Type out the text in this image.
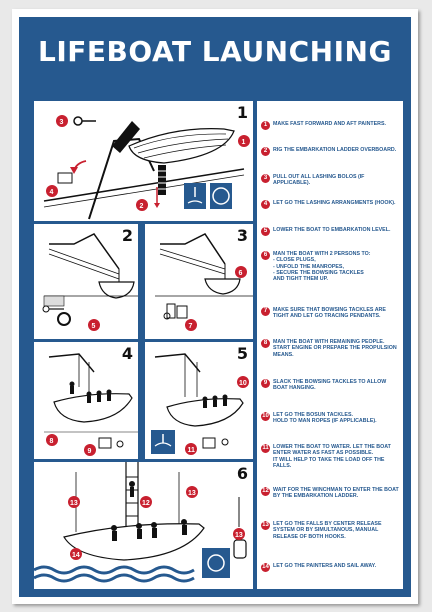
LIFEBOAT LAUNCHING
1
3
4
2
1
2
5
3
6
7
4
8
9
5
10
11
6
13	12
13
13
14
1	MAKE FAST FORWARD AND AFT PAINTERS.
2	RIG THE EMBARKATION LADDER OVERBOARD.
3	PULL OUT ALL LASHING BOLOS (IF APPLICABLE).
4	LET GO THE LASHING ARRANGMENTS (HOOK).
5	LOWER THE BOAT TO EMBARKATION LEVEL.
6	MAN THE BOAT WITH 2 PERSONS TO:
- CLOSE PLUGS,
- UNFOLD THE MANROPES,
- SECURE THE BOWSING TACKLES
AND TIGHT THEM UP.
7	MAKE SURE THAT BOWSING TACKLES ARE TIGHT AND LET GO TRACING PENDANTS.
8	MAN THE BOAT WITH REMAINING PEOPLE. START ENGINE OR PREPARE THE PROPULSION MEANS.
9	SLACK THE BOWSING TACKLES TO ALLOW BOAT HANGING.
10 LET GO THE BOSUN TACKLES.
HOLD TO MAN ROPES (IF APPLICABLE).
11 LOWER THE BOAT TO WATER. LET THE BOAT ENTER WATER AS FAST AS POSSIBLE.
IT WILL HELP TO TAKE THE LOAD OFF THE FALLS.
12 WAIT FOR THE WINCHMAN TO ENTER THE BOAT BY THE EMBARKATION LADDER.
13 LET GO THE FALLS BY CENTER RELEASE SYSTEM OR BY SIMULTANOUS, MANUAL RELEASE OF BOTH HOOKS.
14 LET GO THE PAINTERS AND SAIL AWAY.
TPS08	signproject ©
